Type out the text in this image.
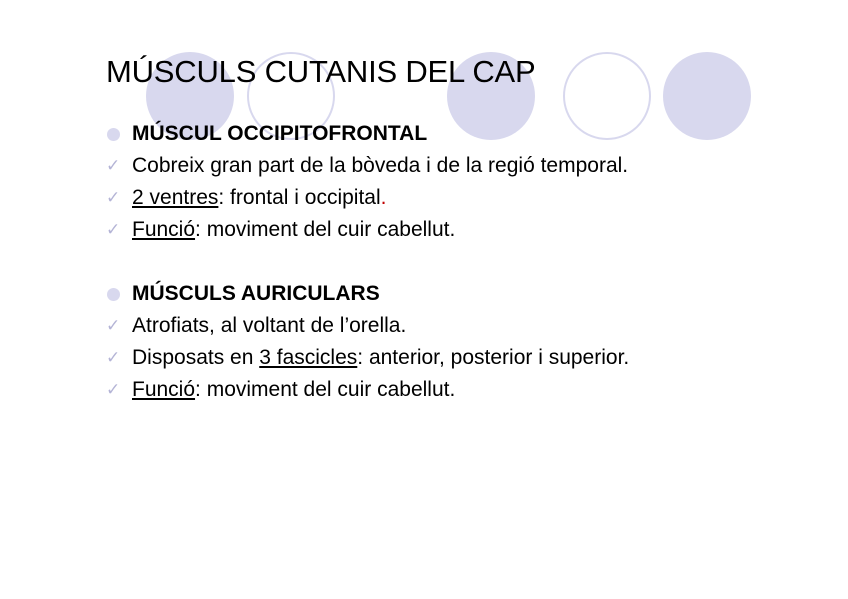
MÚSCULS CUTANIS DEL CAP
MÚSCUL OCCIPITOFRONTAL
✓ Cobreix gran part de la bòveda i de la regió temporal.
✓ 2 ventres: frontal i occipital.
✓ Funció: moviment del cuir cabellut.
MÚSCULS AURICULARS
✓ Atrofiats, al voltant de l’orella.
✓ Disposats en 3 fascicles: anterior, posterior i superior.
✓ Funció: moviment del cuir cabellut.
